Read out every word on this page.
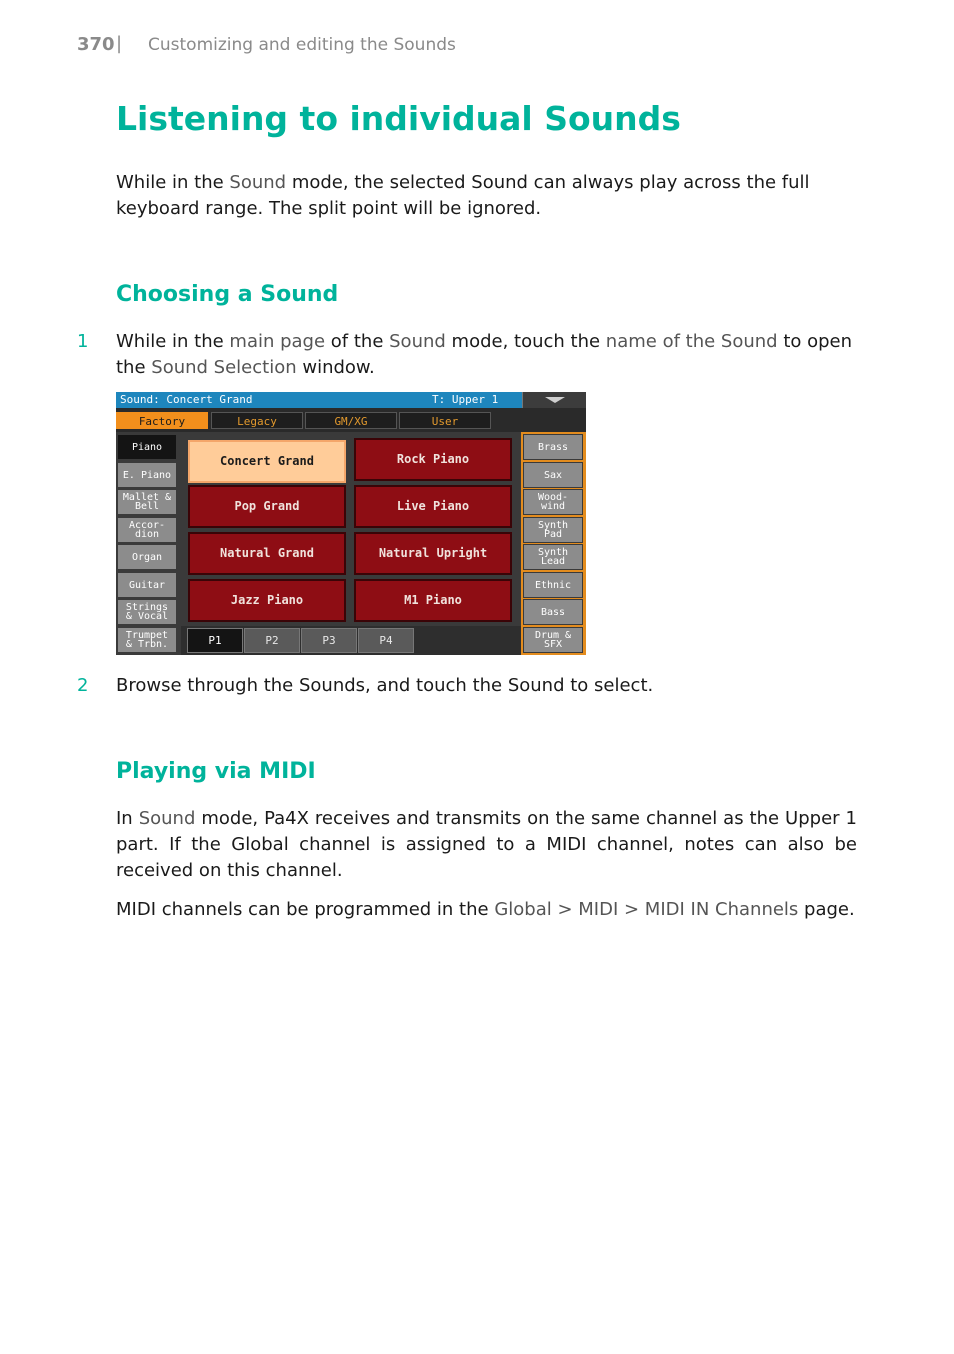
370 | Customizing and editing the Sounds
Listening to individual Sounds

While in the Sound mode, the selected Sound can always play across the full keyboard range. The split point will be ignored.

Choosing a Sound
1 While in the main page of the Sound mode, touch the name of the Sound to open the Sound Selection window.

Sound: Concert Grand	T: Upper 1
Factory	Legacy	GM/XG	User
Piano
E. Piano
Mallet &
Bell
Accor-
dion
Organ
Guitar
Strings
& Vocal
Trumpet
& Trbn.
Concert Grand	Rock Piano
Pop Grand	Live Piano
Natural Grand	Natural Upright
Jazz Piano	M1 Piano
P1	P2	P3	P4
Brass
Sax
Wood-
wind
Synth
Pad
Synth
Lead
Ethnic
Bass
Drum &
SFX
2 Browse through the Sounds, and touch the Sound to select.

Playing via MIDI

In Sound mode, Pa4X receives and transmits on the same channel as the Upper 1 part. If the Global channel is assigned to a MIDI channel, notes can also be received on this channel.

MIDI channels can be programmed in the Global > MIDI > MIDI IN Channels page.
